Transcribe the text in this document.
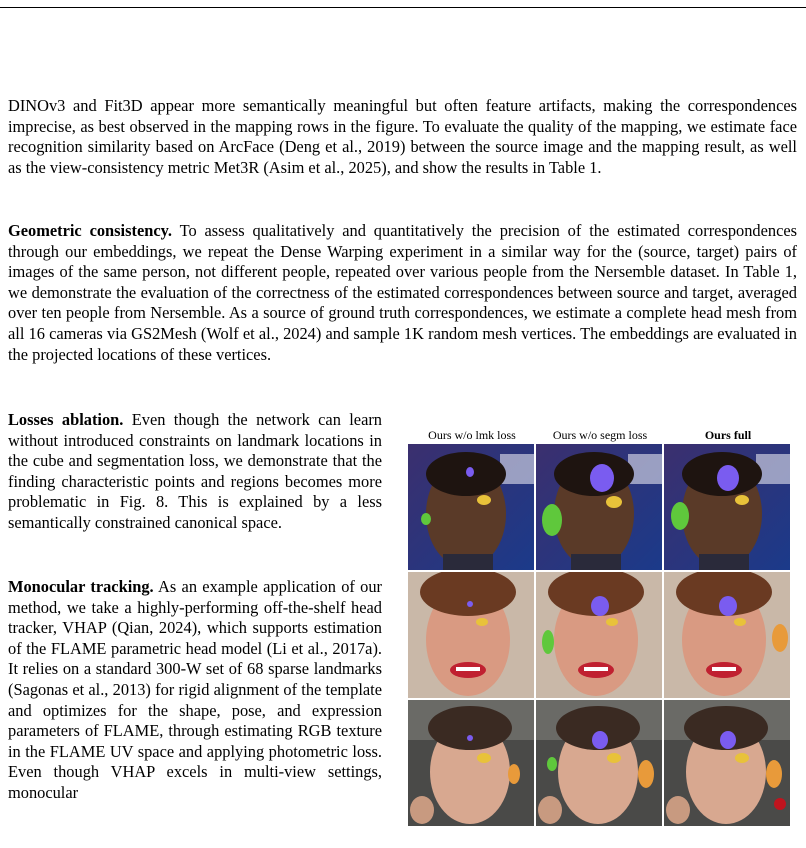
DINOv3 and Fit3D appear more semantically meaningful but often feature artifacts, making the correspondences imprecise, as best observed in the mapping rows in the figure. To evaluate the quality of the mapping, we estimate face recognition similarity based on ArcFace (Deng et al., 2019) between the source image and the mapping result, as well as the view-consistency metric Met3R (Asim et al., 2025), and show the results in Table 1.

Geometric consistency. To assess qualitatively and quantitatively the precision of the estimated correspondences through our embeddings, we repeat the Dense Warping experiment in a similar way for the (source, target) pairs of images of the same person, not different people, repeated over various people from the Nersemble dataset. In Table 1, we demonstrate the evaluation of the correctness of the estimated correspondences between source and target, averaged over ten people from Nersemble. As a source of ground truth correspondences, we estimate a complete head mesh from all 16 cameras via GS2Mesh (Wolf et al., 2024) and sample 1K random mesh vertices. The embeddings are evaluated in the projected locations of these vertices.

Losses ablation. Even though the network can learn without introduced constraints on landmark locations in the cube and segmentation loss, we demonstrate that the finding characteristic points and regions becomes more problematic in Fig. 8. This is explained by a less semantically constrained canonical space.

Monocular tracking. As an example application of our method, we take a highly-performing off-the-shelf head tracker, VHAP (Qian, 2024), which supports estimation of the FLAME parametric head model (Li et al., 2017a). It relies on a standard 300-W set of 68 sparse landmarks (Sagonas et al., 2013) for rigid alignment of the template and optimizes for the shape, pose, and expression parameters of FLAME, through estimating RGB texture in the FLAME UV space and applying photometric loss. Even though VHAP excels in multi-view settings, monocular

Ours w/o lmk loss	Ours w/o segm loss	Ours full
